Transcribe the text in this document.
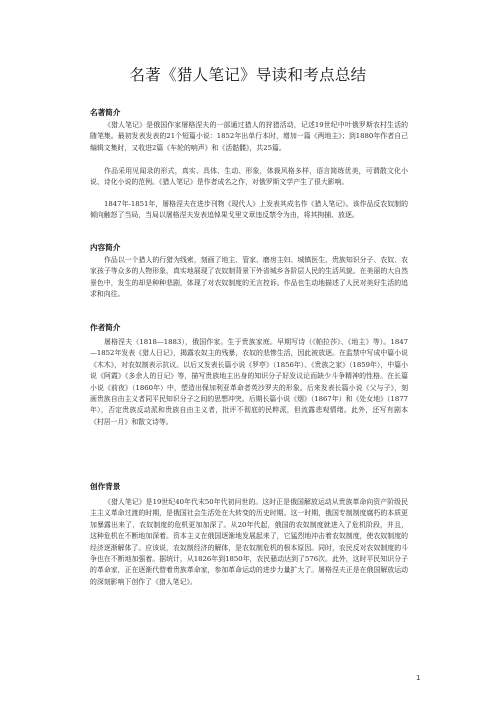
名著《猎人笔记》导读和考点总结
名著简介
《猎人笔记》是俄国作家屠格涅夫的一部通过猎人的狩猎活动，记述19世纪中叶俄罗斯农村生活的随笔集。最初发表发表的21个短篇小说：1852年出单行本时，增加一篇《两地主》；到1880年作者自己编辑文集时，又收进2篇《车轮的响声》和《活骷髅》，共25篇。
作品采用见闻录的形式，真实、具体、生动、形象，体裁风格多样，语言简练优美，可谓散文化小说、诗化小说的范例。《猎人笔记》是作者成名之作，对俄罗斯文学产生了很大影响。
1847年-1851年，屠格涅夫在进步刊物《现代人》上发表其成名作《猎人笔记》。该作品反农奴制的倾向触怒了当局，当局以屠格涅夫发表追悼果戈里文章违反禁令为由，将其拘捕、放逐。
内容简介
作品以一个猎人的行猎为线索，刻画了地主、管家、磨房主妇、城镇医生、贵族知识分子、农奴、农家孩子等众多的人物形象，真实地展现了农奴制背景下外省城乡各阶层人民的生活风貌。在美丽的大自然景色中，发生的却是种种悲剧，体现了对农奴制度的无言控诉。作品也生动地描述了人民对美好生活的追求和向往。
作者简介
屠格涅夫（1818—1883），俄国作家。生于贵族家庭。早期写诗（《帕拉莎》、《地主》等）。1847—1852年发表《猎人日记》，揭露农奴主的残暴，农奴的悲惨生活，因此被放逐。在监禁中写成中篇小说《木木》，对农奴制表示抗议。以后又发表长篇小说《罗亭》（1856年）、《贵族之家》（1859年），中篇小说《阿霞》《多余人的日记》等，描写贵族地主出身的知识分子好发议论而缺少斗争精神的性格。在长篇小说《前夜》（1860年）中，塑造出保加利亚革命者英沙罗夫的形象。后来发表长篇小说《父与子》，刻画贵族自由主义者同平民知识分子之间的思想冲突。后期长篇小说《烟》（1867年）和《处女地》（1877年），否定贵族反动派和贵族自由主义者，批评不彻底的民粹派，但流露悲观情绪。此外，还写有剧本《村居一月》和散文诗等。
创作背景
《猎人笔记》是19世纪40年代末50年代初问世的。这时正是俄国解放运动从贵族革命向资产阶级民主主义革命过渡的时期，是俄国社会生活处在大转变的历史时期。这一时期，俄国专制制度腐朽的本质更加暴露出来了，农奴制度的危机更加加深了。从20年代起，俄国的农奴制度就进入了危机阶段，并且，这种危机在不断地加深着。资本主义在俄国逐渐地发展起来了，它猛烈地冲击着农奴制度，使农奴制度的经济逐渐解体了。应该说，农奴制经济的解体，是农奴制危机的根本原因。同时，农民反对农奴制度的斗争也在不断地加强着。据统计，从1826年到1850年，农民骚动达到了576次。此外，这时平民知识分子的革命家，正在逐渐代替着贵族革命家，参加革命运动的进步力量扩大了。屠格涅夫正是在俄国解放运动的深刻影响下创作了《猎人笔记》。
1
